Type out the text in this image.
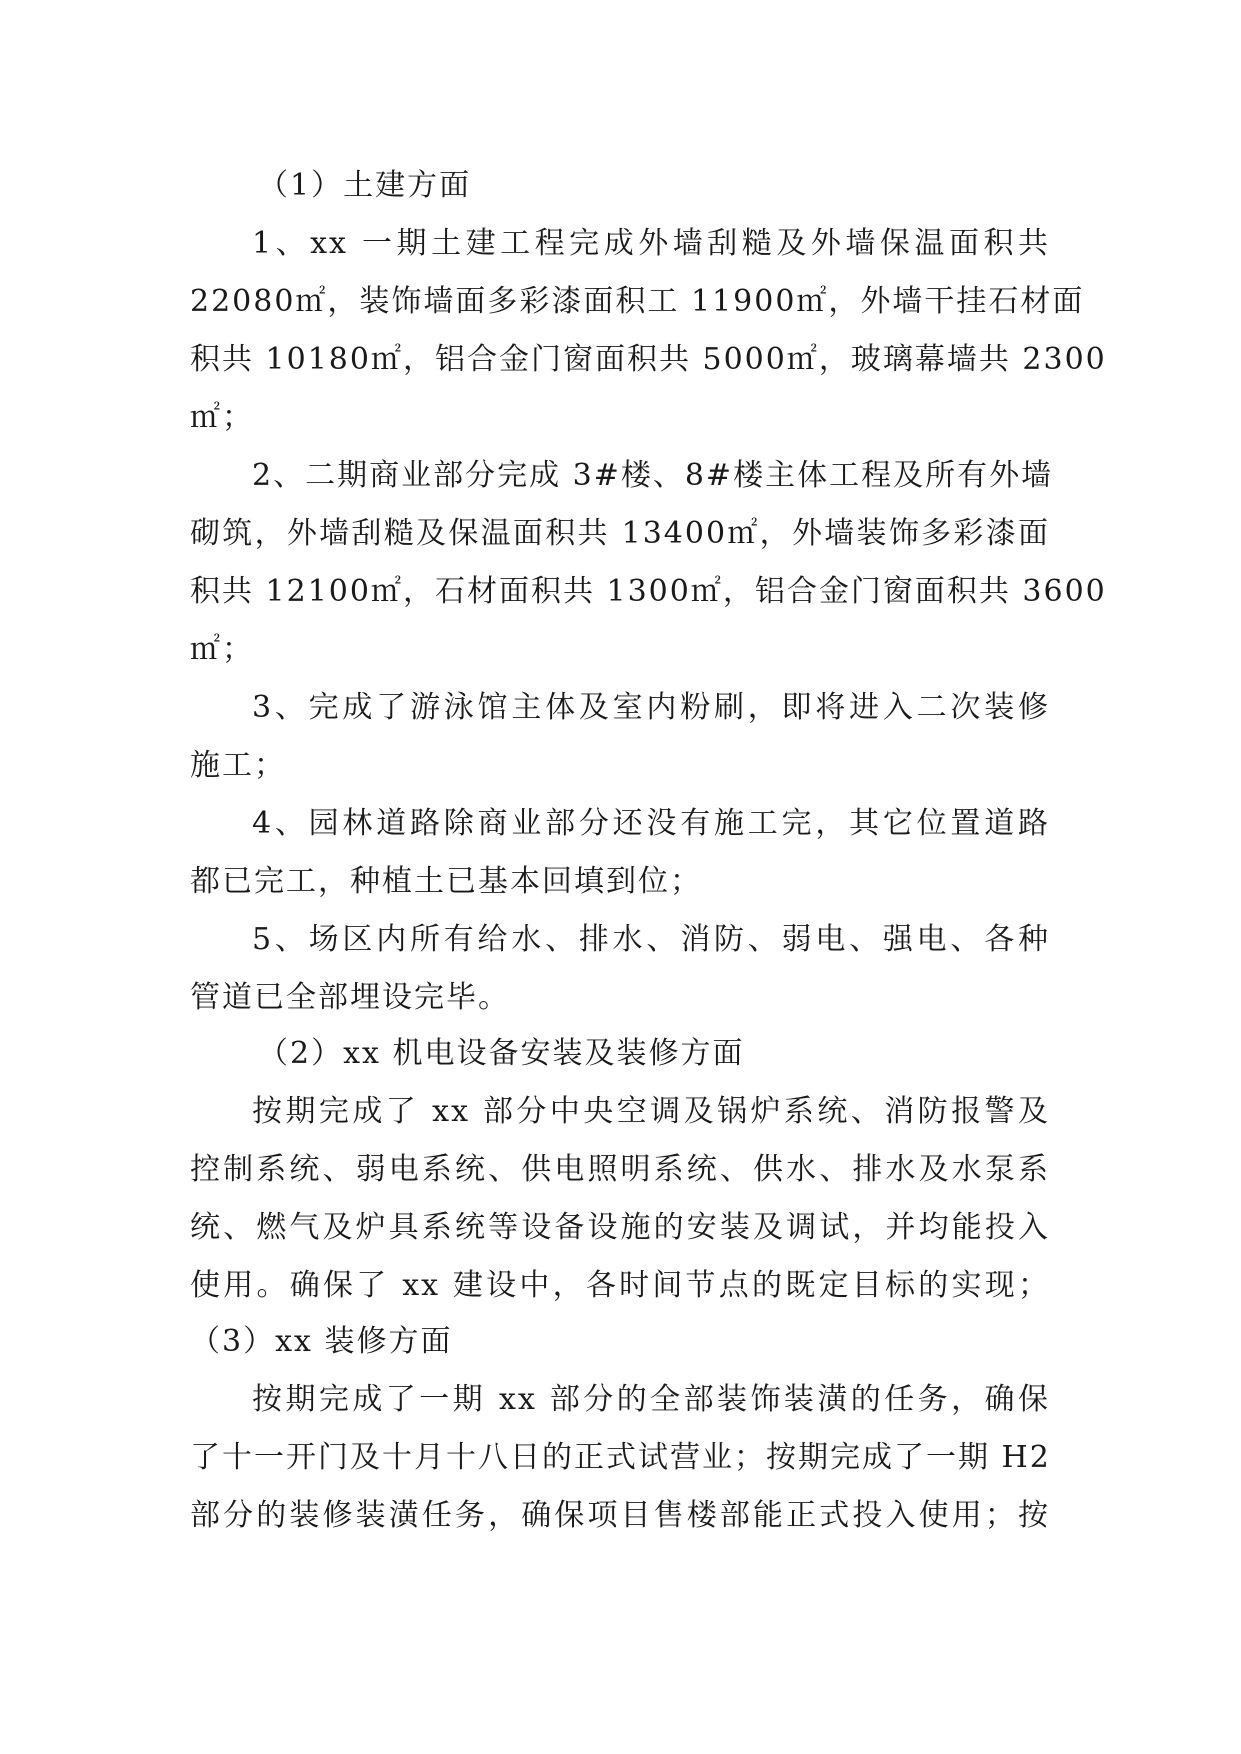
（1）土建方面
1、xx 一期土建工程完成外墙刮糙及外墙保温面积共
22080㎡，装饰墙面多彩漆面积工 11900㎡，外墙干挂石材面
积共 10180㎡，铝合金门窗面积共 5000㎡，玻璃幕墙共 2300
㎡；
2、二期商业部分完成 3#楼、8#楼主体工程及所有外墙
砌筑，外墙刮糙及保温面积共 13400㎡，外墙装饰多彩漆面
积共 12100㎡，石材面积共 1300㎡，铝合金门窗面积共 3600
㎡；
3、完成了游泳馆主体及室内粉刷，即将进入二次装修
施工；
4、园林道路除商业部分还没有施工完，其它位置道路
都已完工，种植土已基本回填到位；
5、场区内所有给水、排水、消防、弱电、强电、各种
管道已全部埋设完毕。
（2）xx 机电设备安装及装修方面
按期完成了 xx 部分中央空调及锅炉系统、消防报警及
控制系统、弱电系统、供电照明系统、供水、排水及水泵系
统、燃气及炉具系统等设备设施的安装及调试，并均能投入
使用。确保了 xx 建设中，各时间节点的既定目标的实现；
（3）xx 装修方面
按期完成了一期 xx 部分的全部装饰装潢的任务，确保
了十一开门及十月十八日的正式试营业；按期完成了一期 H2
部分的装修装潢任务，确保项目售楼部能正式投入使用；按
